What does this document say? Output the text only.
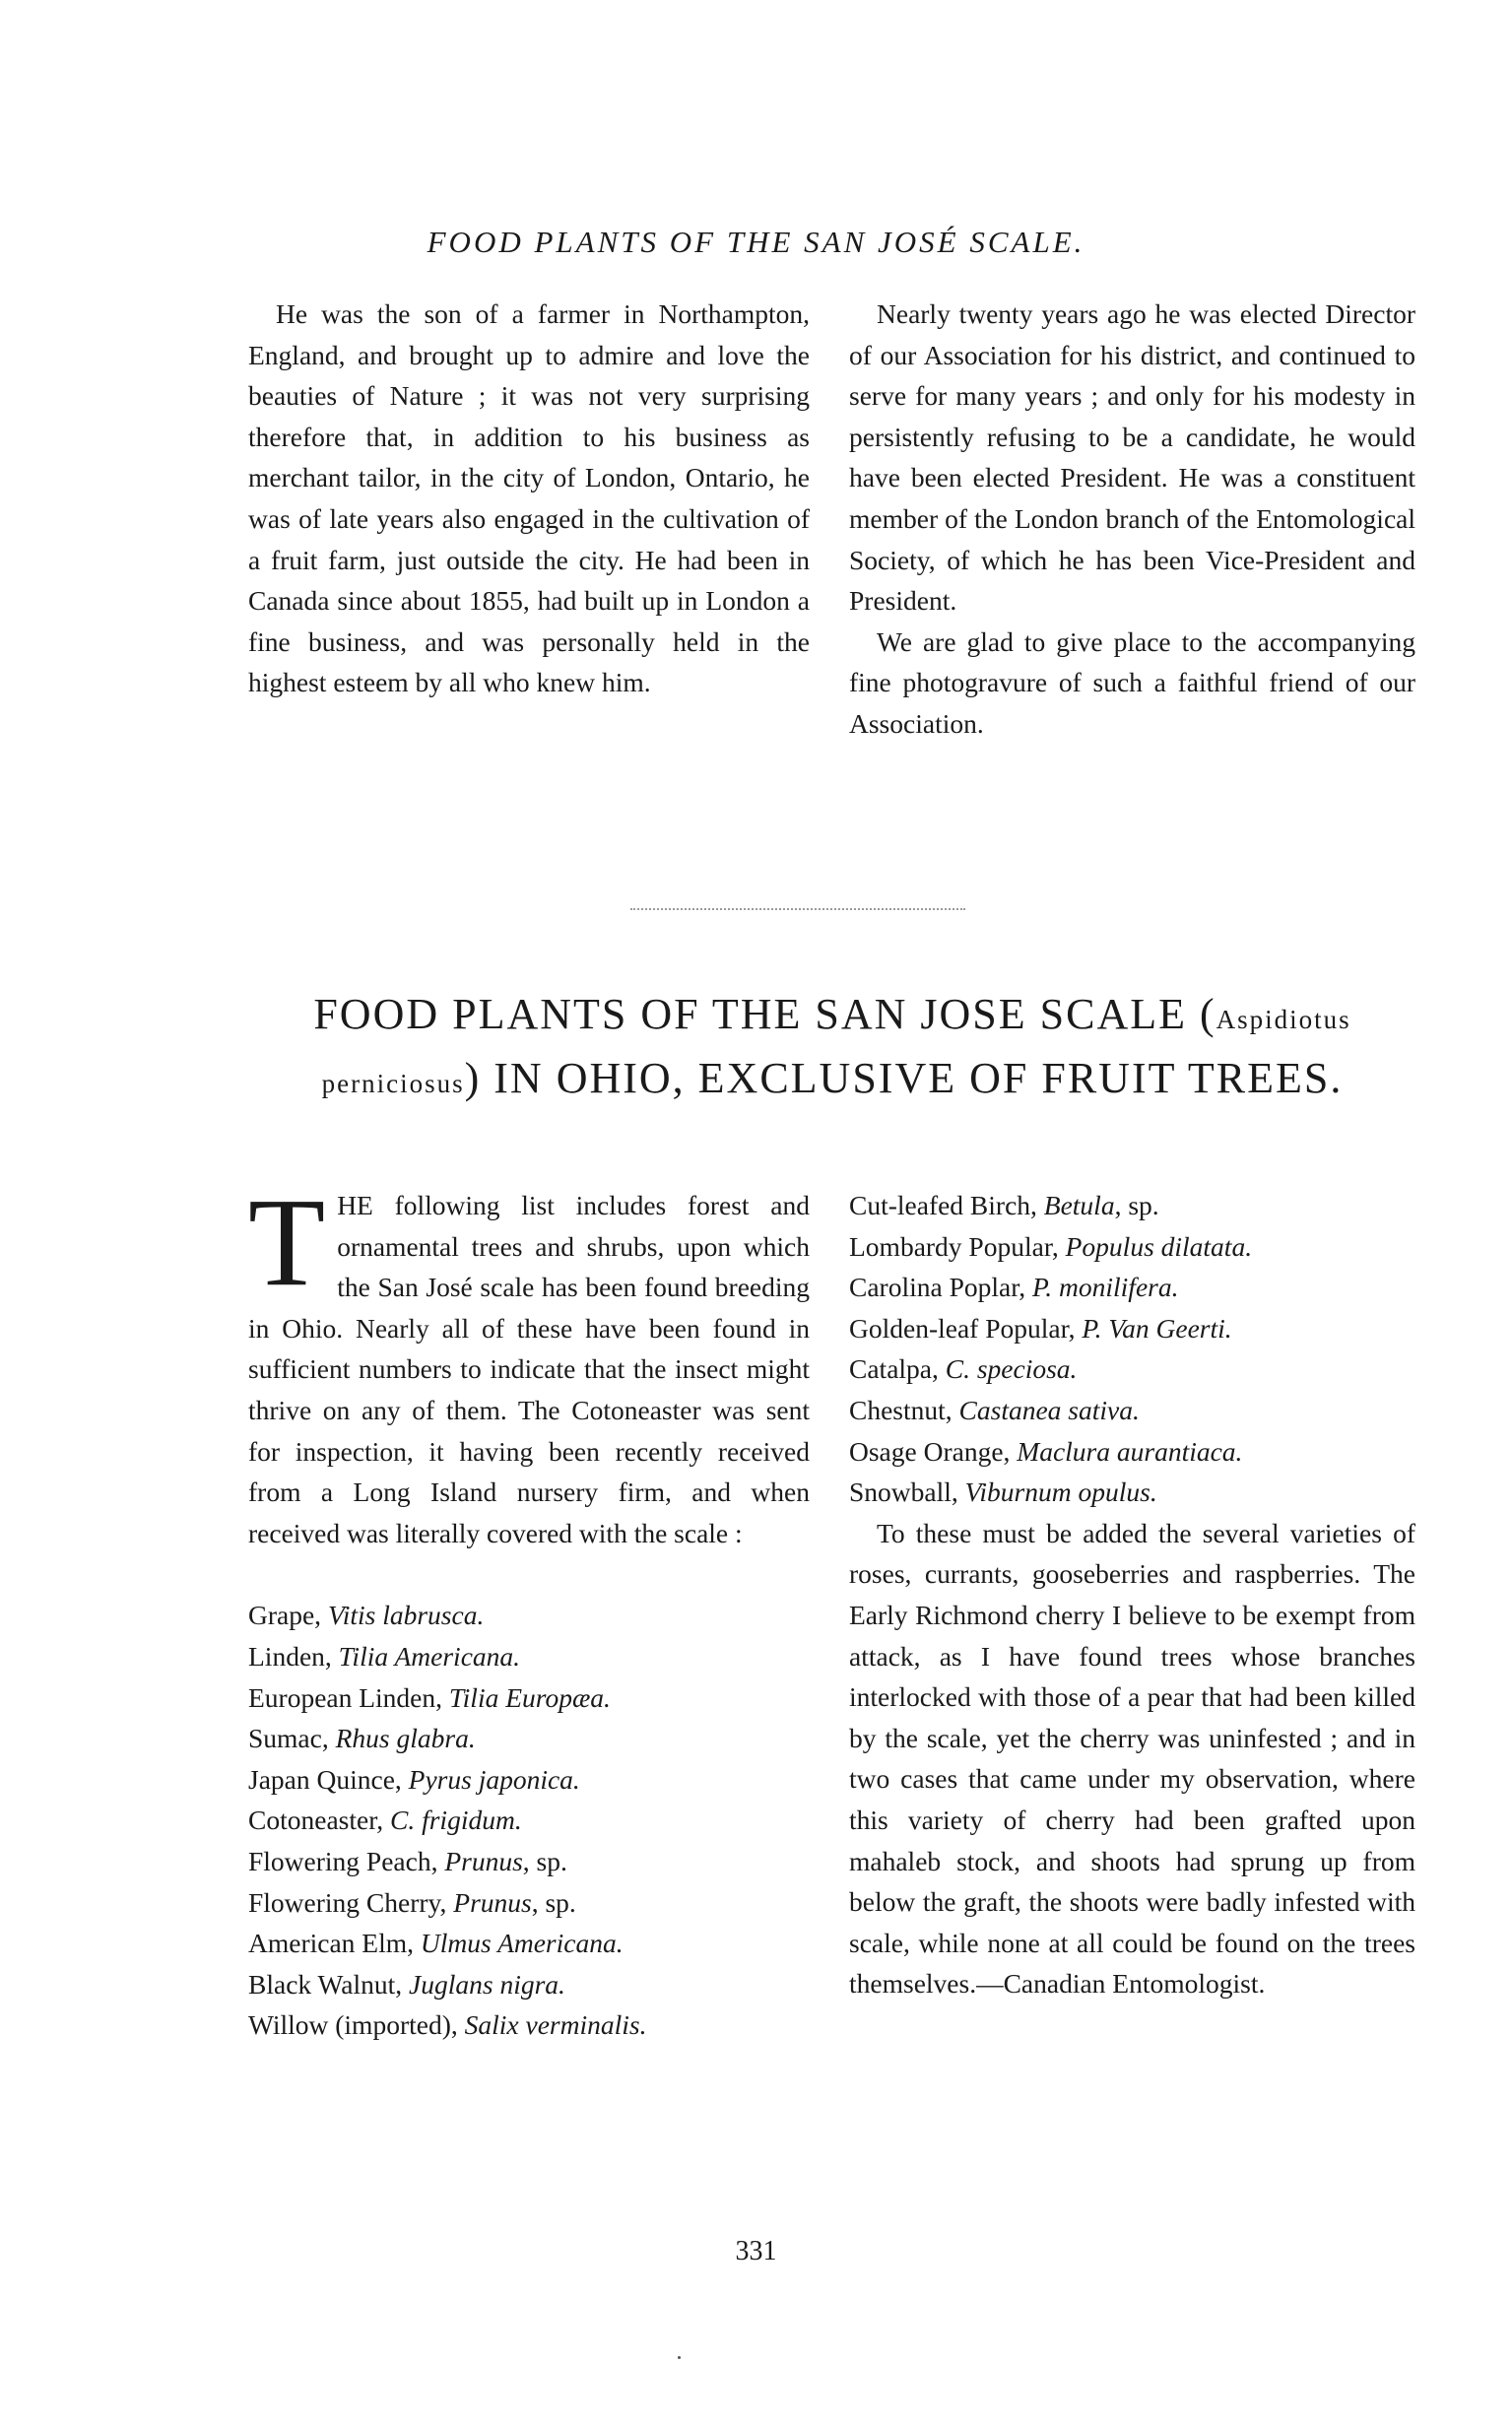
FOOD PLANTS OF THE SAN JOSÉ SCALE.

He was the son of a farmer in Northampton, England, and brought up to admire and love the beauties of Nature ; it was not very surprising therefore that, in addition to his business as merchant tailor, in the city of London, Ontario, he was of late years also engaged in the cultivation of a fruit farm, just outside the city. He had been in Canada since about 1855, had built up in London a fine business, and was personally held in the highest esteem by all who knew him.

Nearly twenty years ago he was elected Director of our Association for his district, and continued to serve for many years ; and only for his modesty in persistently refusing to be a candidate, he would have been elected President. He was a constituent member of the London branch of the Entomological Society, of which he has been Vice-President and President.

We are glad to give place to the accompanying fine photogravure of such a faithful friend of our Association.

FOOD PLANTS OF THE SAN JOSE SCALE (Aspidiotus perniciosus) IN OHIO, EXCLUSIVE OF FRUIT TREES.

THE following list includes forest and ornamental trees and shrubs, upon which the San José scale has been found breeding in Ohio. Nearly all of these have been found in sufficient numbers to indicate that the insect might thrive on any of them. The Cotoneaster was sent for inspection, it having been recently received from a Long Island nursery firm, and when received was literally covered with the scale :

Grape, Vitis labrusca.
Linden, Tilia Americana.
European Linden, Tilia Europæa.
Sumac, Rhus glabra.
Japan Quince, Pyrus japonica.
Cotoneaster, C. frigidum.
Flowering Peach, Prunus, sp.
Flowering Cherry, Prunus, sp.
American Elm, Ulmus Americana.
Black Walnut, Juglans nigra.
Willow (imported), Salix verminalis.
Cut-leafed Birch, Betula, sp.
Lombardy Popular, Populus dilatata.
Carolina Poplar, P. monilifera.
Golden-leaf Popular, P. Van Geerti.
Catalpa, C. speciosa.
Chestnut, Castanea sativa.
Osage Orange, Maclura aurantiaca.
Snowball, Viburnum opulus.

To these must be added the several varieties of roses, currants, gooseberries and raspberries. The Early Richmond cherry I believe to be exempt from attack, as I have found trees whose branches interlocked with those of a pear that had been killed by the scale, yet the cherry was uninfested ; and in two cases that came under my observation, where this variety of cherry had been grafted upon mahaleb stock, and shoots had sprung up from below the graft, the shoots were badly infested with scale, while none at all could be found on the trees themselves.—Canadian Entomologist.

331
